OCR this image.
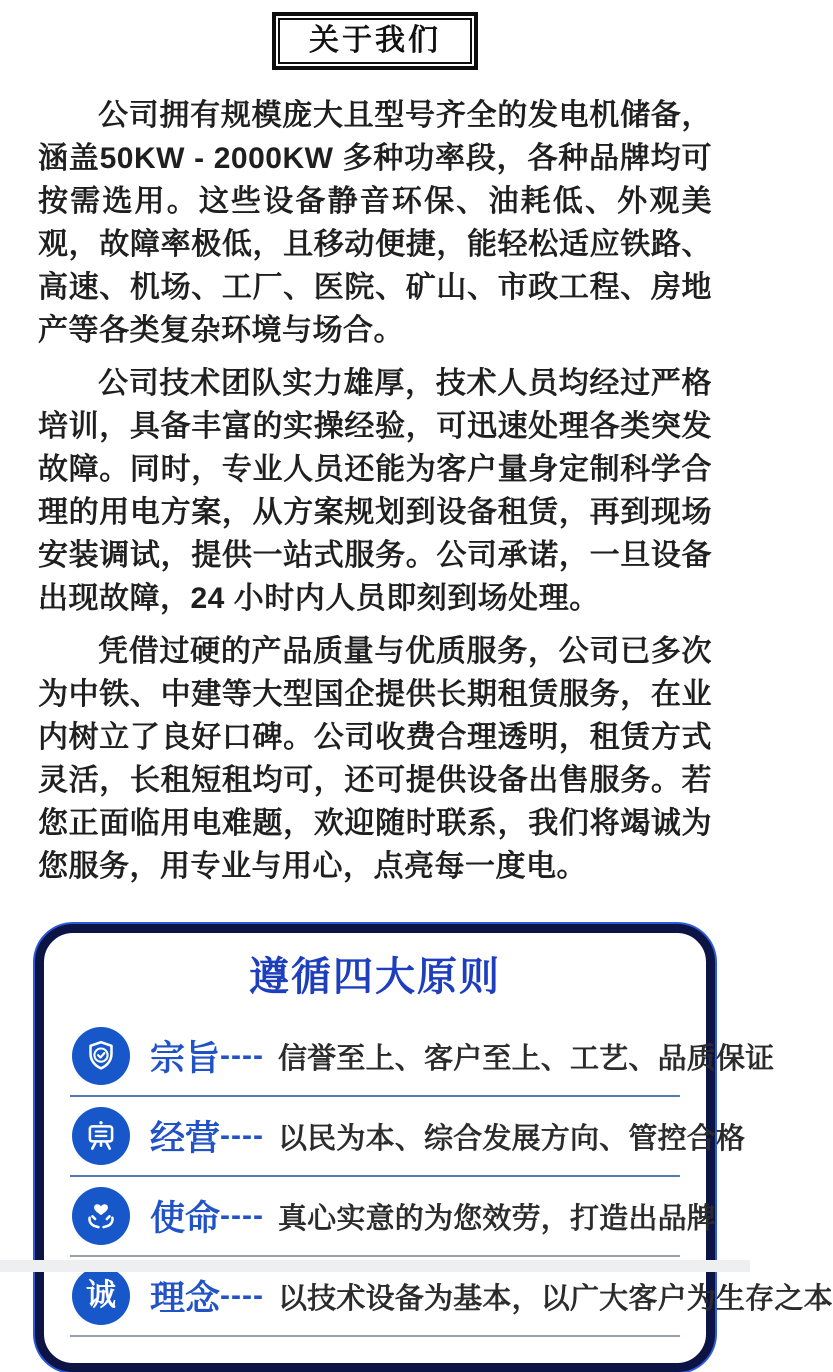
关于我们

公司拥有规模庞大且型号齐全的发电机储备，涵盖50KW - 2000KW 多种功率段，各种品牌均可按需选用。这些设备静音环保、油耗低、外观美观，故障率极低，且移动便捷，能轻松适应铁路、高速、机场、工厂、医院、矿山、市政工程、房地产等各类复杂环境与场合。

公司技术团队实力雄厚，技术人员均经过严格培训，具备丰富的实操经验，可迅速处理各类突发故障。同时，专业人员还能为客户量身定制科学合理的用电方案，从方案规划到设备租赁，再到现场安装调试，提供一站式服务。公司承诺，一旦设备出现故障，24 小时内人员即刻到场处理。

凭借过硬的产品质量与优质服务，公司已多次为中铁、中建等大型国企提供长期租赁服务，在业内树立了良好口碑。公司收费合理透明，租赁方式灵活，长租短租均可，还可提供设备出售服务。若您正面临用电难题，欢迎随时联系，我们将竭诚为您服务，用专业与用心，点亮每一度电。

遵循四大原则
宗旨 ---- 信誉至上、客户至上、工艺、品质保证
经营 ---- 以民为本、综合发展方向、管控合格
使命 ---- 真心实意的为您效劳，打造出品牌
诚 理念 ---- 以技术设备为基本，以广大客户为生存之本
